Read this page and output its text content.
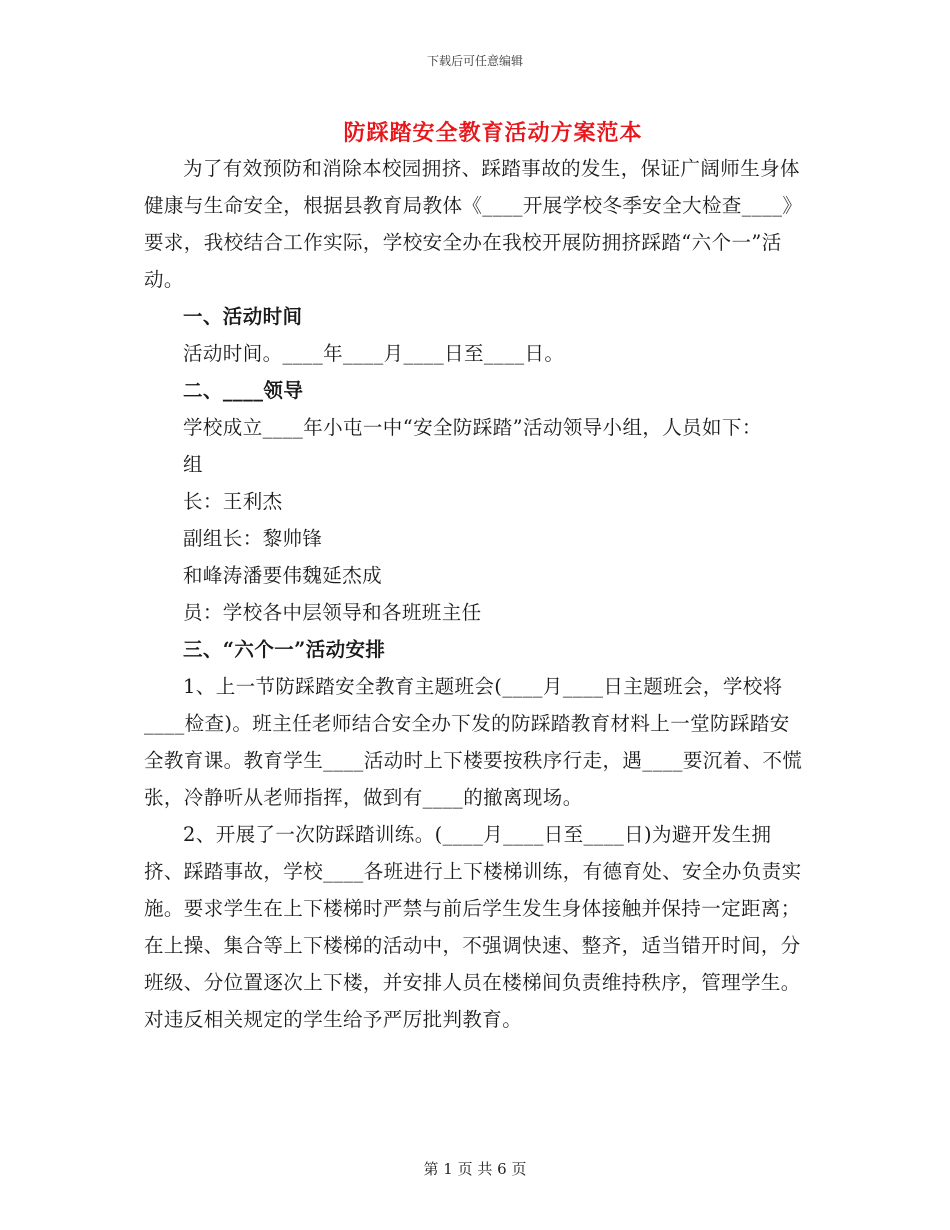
下载后可任意编辑
防踩踏安全教育活动方案范本

为了有效预防和消除本校园拥挤、踩踏事故的发生，保证广阔师生身体健康与生命安全，根据县教育局教体《____开展学校冬季安全大检查____》要求，我校结合工作实际，学校安全办在我校开展防拥挤踩踏“六个一”活动。

一、活动时间

活动时间。____年____月____日至____日。

二、____领导

学校成立____年小屯一中“安全防踩踏”活动领导小组，人员如下：

组

长：王利杰

副组长：黎帅锋

和峰涛潘要伟魏延杰成

员：学校各中层领导和各班班主任

三、“六个一”活动安排

1、上一节防踩踏安全教育主题班会(____月____日主题班会，学校将____检查)。班主任老师结合安全办下发的防踩踏教育材料上一堂防踩踏安全教育课。教育学生____活动时上下楼要按秩序行走，遇____要沉着、不慌张，冷静听从老师指挥，做到有____的撤离现场。

2、开展了一次防踩踏训练。(____月____日至____日)为避开发生拥挤、踩踏事故，学校____各班进行上下楼梯训练，有德育处、安全办负责实施。要求学生在上下楼梯时严禁与前后学生发生身体接触并保持一定距离；在上操、集合等上下楼梯的活动中，不强调快速、整齐，适当错开时间，分班级、分位置逐次上下楼，并安排人员在楼梯间负责维持秩序，管理学生。对违反相关规定的学生给予严厉批判教育。

第 1 页 共 6 页
